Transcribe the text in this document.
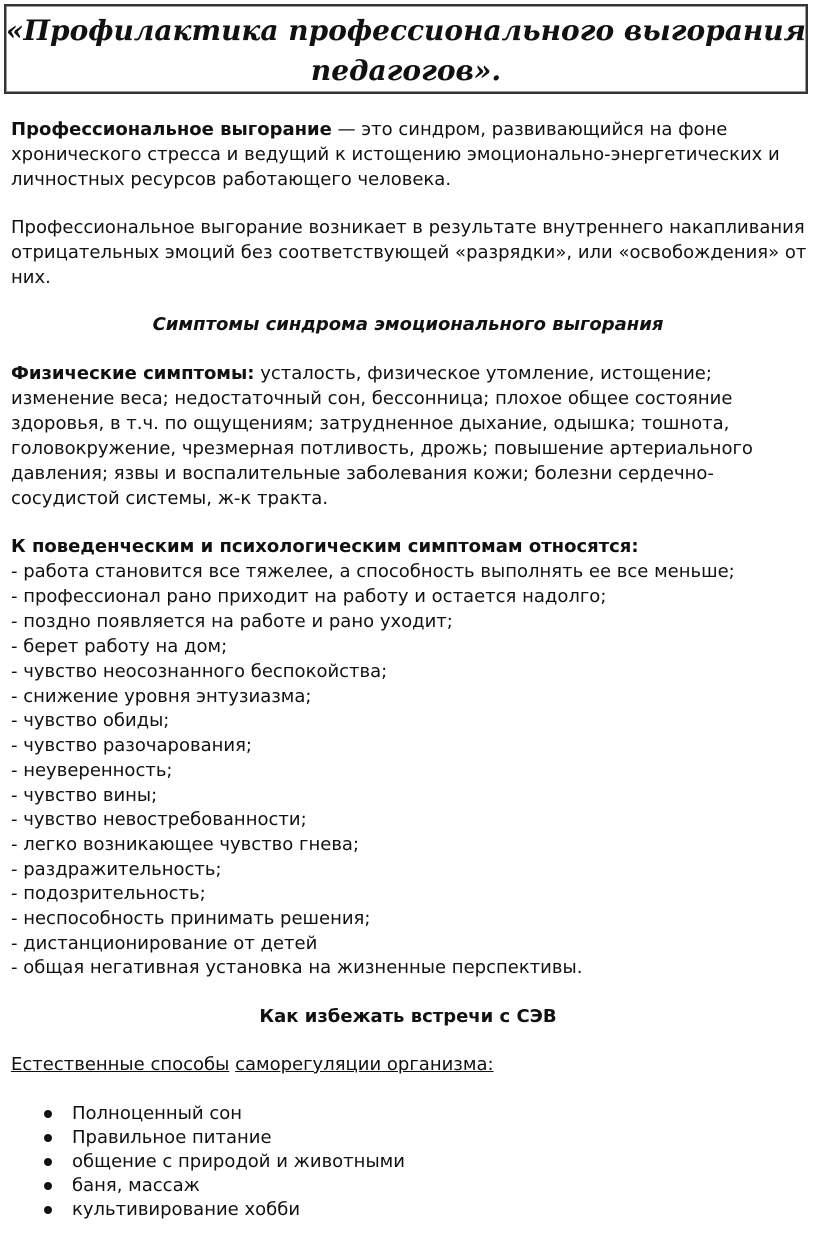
«Профилактика профессионального выгорания
педагогов».
Профессиональное выгорание — это синдром, развивающийся на фоне
хронического стресса и ведущий к истощению эмоционально-энергетических и
личностных ресурсов работающего человека.
Профессиональное выгорание возникает в результате внутреннего накапливания
отрицательных эмоций без соответствующей «разрядки», или «освобождения» от
них.
Симптомы синдрома эмоционального выгорания
Физические симптомы: усталость, физическое утомление, истощение;
изменение веса; недостаточный сон, бессонница; плохое общее состояние
здоровья, в т.ч. по ощущениям; затрудненное дыхание, одышка; тошнота,
головокружение, чрезмерная потливость, дрожь; повышение артериального
давления; язвы и воспалительные заболевания кожи; болезни сердечно-
сосудистой системы, ж-к тракта.
К поведенческим и психологическим симптомам относятся:
- работа становится все тяжелее, а способность выполнять ее все меньше;
- профессионал рано приходит на работу и остается надолго;
- поздно появляется на работе и рано уходит;
- берет работу на дом;
- чувство неосознанного беспокойства;
- снижение уровня энтузиазма;
- чувство обиды;
- чувство разочарования;
- неуверенность;
- чувство вины;
- чувство невостребованности;
- легко возникающее чувство гнева;
- раздражительность;
- подозрительность;
- неспособность принимать решения;
- дистанционирование от детей
- общая негативная установка на жизненные перспективы.
Как избежать встречи с СЭВ
Естественные способы саморегуляции организма:
Полноценный сон
Правильное питание
общение с природой и животными
баня, массаж
культивирование хобби
